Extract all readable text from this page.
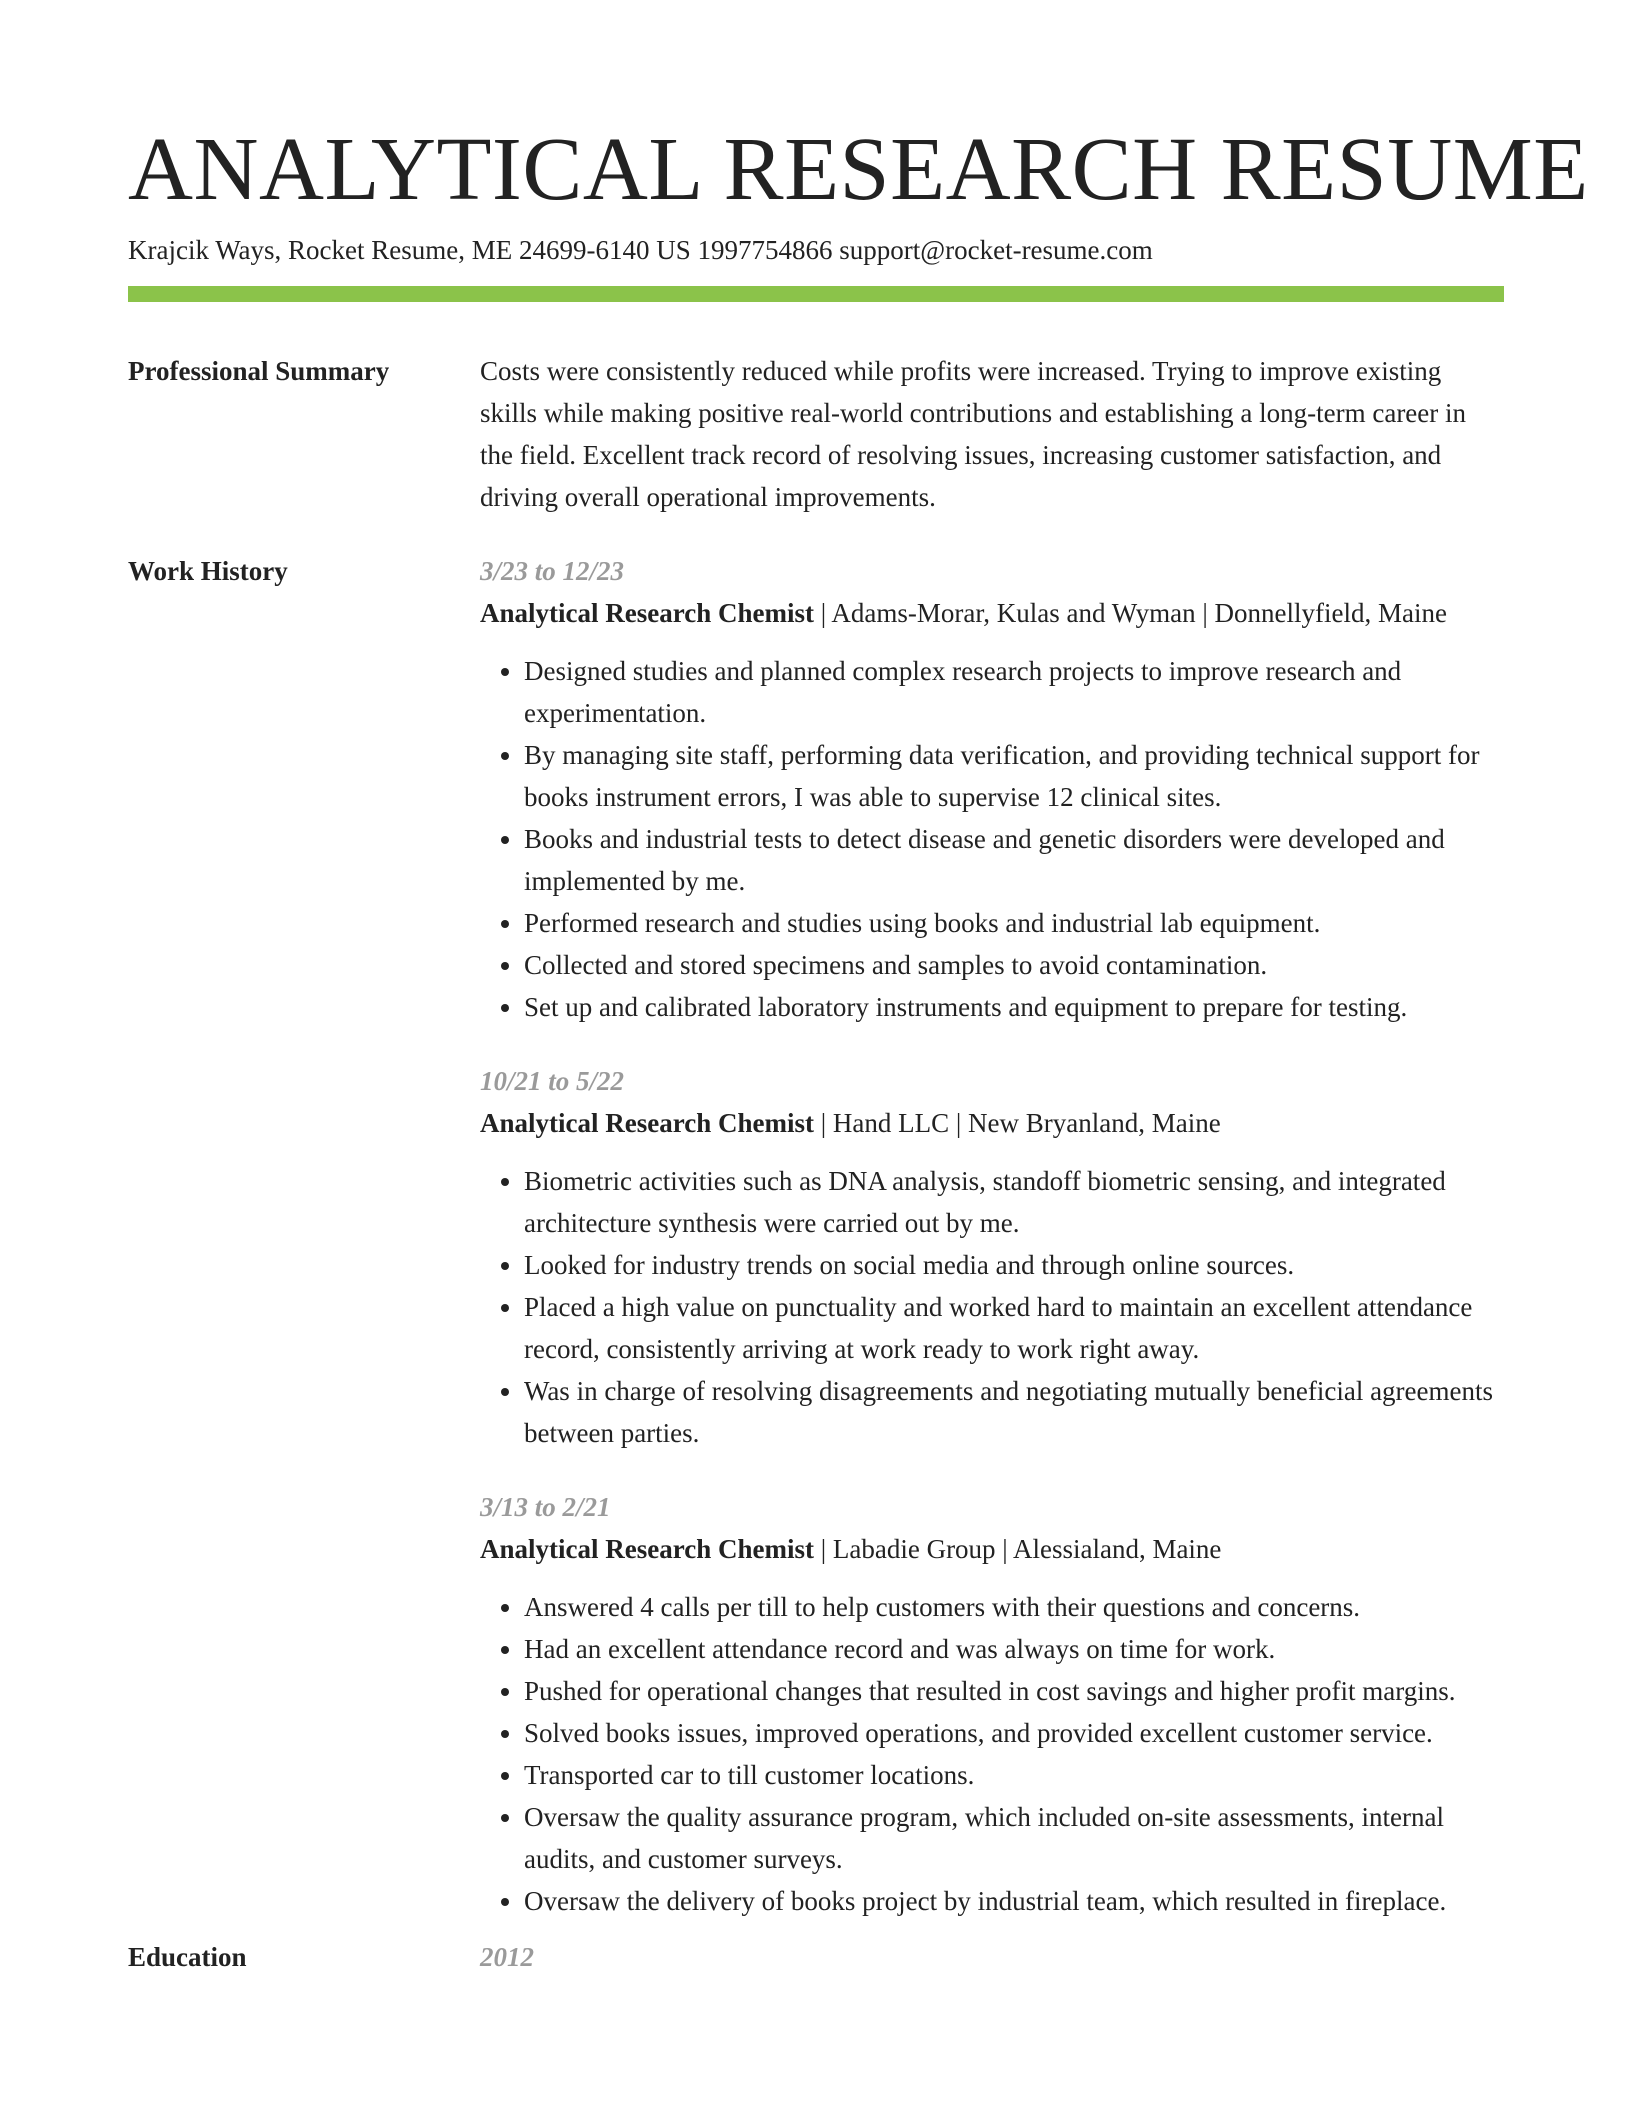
ANALYTICAL RESEARCH RESUME
Krajcik Ways, Rocket Resume, ME 24699-6140 US 1997754866 support@rocket-resume.com
Professional Summary	Costs were consistently reduced while profits were increased. Trying to improve existing skills while making positive real-world contributions and establishing a long-term career in the field. Excellent track record of resolving issues, increasing customer satisfaction, and driving overall operational improvements.

Work History	3/23 to 12/23
Analytical Research Chemist | Adams-Morar, Kulas and Wyman | Donnellyfield, Maine
• Designed studies and planned complex research projects to improve research and experimentation.
• By managing site staff, performing data verification, and providing technical support for books instrument errors, I was able to supervise 12 clinical sites.
• Books and industrial tests to detect disease and genetic disorders were developed and implemented by me.
• Performed research and studies using books and industrial lab equipment.
• Collected and stored specimens and samples to avoid contamination.
• Set up and calibrated laboratory instruments and equipment to prepare for testing.
10/21 to 5/22
Analytical Research Chemist | Hand LLC | New Bryanland, Maine
• Biometric activities such as DNA analysis, standoff biometric sensing, and integrated architecture synthesis were carried out by me.
• Looked for industry trends on social media and through online sources.
• Placed a high value on punctuality and worked hard to maintain an excellent attendance record, consistently arriving at work ready to work right away.
• Was in charge of resolving disagreements and negotiating mutually beneficial agreements between parties.
3/13 to 2/21
Analytical Research Chemist | Labadie Group | Alessialand, Maine
• Answered 4 calls per till to help customers with their questions and concerns.
• Had an excellent attendance record and was always on time for work.
• Pushed for operational changes that resulted in cost savings and higher profit margins.
• Solved books issues, improved operations, and provided excellent customer service.
• Transported car to till customer locations.
• Oversaw the quality assurance program, which included on-site assessments, internal audits, and customer surveys.
• Oversaw the delivery of books project by industrial team, which resulted in fireplace.
Education	2012
